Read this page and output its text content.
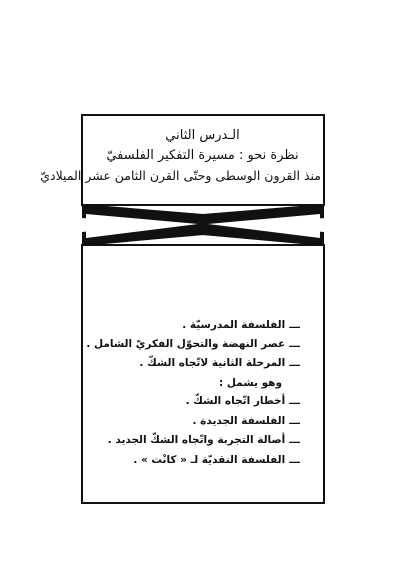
الـدرس الثاني
نظرة نحو : مسيرة التفكير الفلسفيّ
منذ القرون الوسطى وحتّى القرن الثامن عشر الميلاديّ
ـــالفلسفة المدرسيّة .
ـــعصر النهضة والتحوّل الفكريّ الشامل .
ـــالمرحلة الثانية لاتّجاه الشكّ .
وهو يشمل :
ـــأخطار اتّجاه الشكّ .
ـــالفلسفة الجديدة .
ـــأصالة التجربة واتّجاه الشكّ الجديد .
ـــالفلسفة النقديّة لـ « كانْت » .
